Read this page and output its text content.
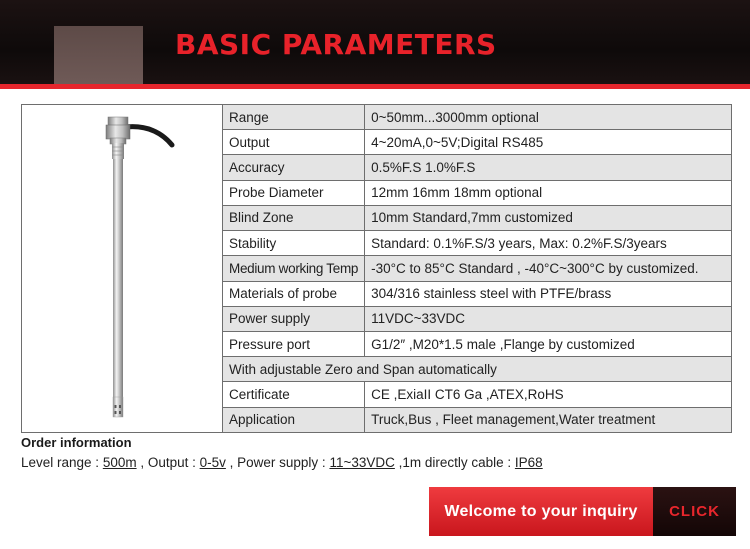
BASIC PARAMETERS
	Range	0~50mm...3000mm optional
	Output	4~20mA,0~5V;Digital RS485
	Accuracy	0.5%F.S 1.0%F.S
	Probe Diameter	12mm 16mm 18mm optional
	Blind Zone	10mm Standard,7mm customized
	Stability	Standard: 0.1%F.S/3 years, Max: 0.2%F.S/3years
	Medium working Temp	-30°C to 85°C Standard , -40°C~300°C by customized.
	Materials of probe	304/316 stainless steel with PTFE/brass
	Power supply	11VDC~33VDC
	Pressure port	G1/2″ ,M20*1.5 male ,Flange by customized
	With adjustable Zero and Span automatically	
	Certificate	CE ,ExiaII CT6 Ga ,ATEX,RoHS
	Application	Truck,Bus , Fleet management,Water treatment
Order information
Level range : 500m , Output : 0-5v , Power supply : 11~33VDC ,1m directly cable : IP68
Welcome to your inquiry	CLICK
